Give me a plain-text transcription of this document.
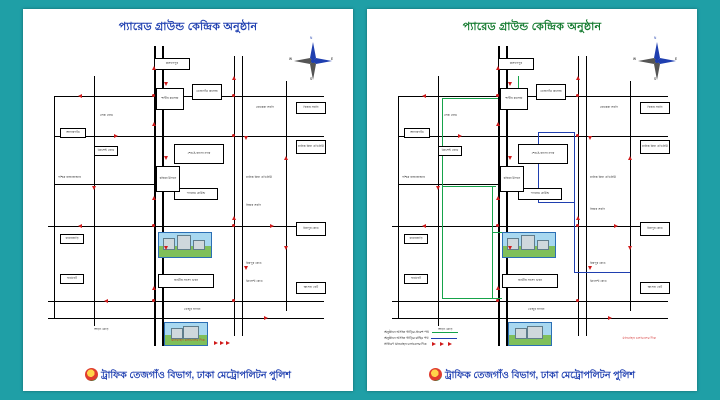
প্যারেড গ্রাউন্ড কেন্দ্রিক অনুষ্ঠান
N
E
S
W
কল্যাণপুর
শাহীন কলেজ
তেজগাঁও কলেজ
শের-ই-বাংলা নগর
প্যারেড গ্রাউন্ড
চন্দ্রিমা উদ্যান
জাতীয় সংসদ ভবন
ক্রিসেন্ট রোড
আগারগাঁও
খামারবাড়ি
ফার্মগেট
বিজয় সরণি
মানিক মিয়া এভিনিউ
মিরপুর রোড
আসাদ গেট
রোকেয়া সরণি
মানিক মিয়া এভিনিউ
বিজয় সরণি
মিরপুর রোড
ক্রিসেন্ট রোড
লেক রোড
পশ্চিম রাজাবাজার
খেজুর বাগান
আড়ং মোড়
যানবাহন চলাচলের দিক
ট্রাফিক তেজগাঁও বিভাগ, ঢাকা মেট্রোপলিটন পুলিশ
প্যারেড গ্রাউন্ড কেন্দ্রিক অনুষ্ঠান
N
E
S
W
কল্যাণপুর
শাহীন কলেজ
তেজগাঁও কলেজ
শের-ই-বাংলা নগর
প্যারেড গ্রাউন্ড
চন্দ্রিমা উদ্যান
জাতীয় সংসদ ভবন
ক্রিসেন্ট রোড
আগারগাঁও
খামারবাড়ি
ফার্মগেট
বিজয় সরণি
মানিক মিয়া এভিনিউ
মিরপুর রোড
আসাদ গেট
রোকেয়া সরণি
মানিক মিয়া এভিনিউ
বিজয় সরণি
মিরপুর রোড
ক্রিসেন্ট রোড
লেক রোড
পশ্চিম রাজাবাজার
খেজুর বাগান
আড়ং মোড়
অনুষ্ঠানে আগত গাড়ির প্রবেশ পথ
অনুষ্ঠানে আগত গাড়ির বাহির পথ
সাধারণ যানবাহন চলাচলের দিক
যানবাহন চলাচলের দিক
ট্রাফিক তেজগাঁও বিভাগ, ঢাকা মেট্রোপলিটন পুলিশ
